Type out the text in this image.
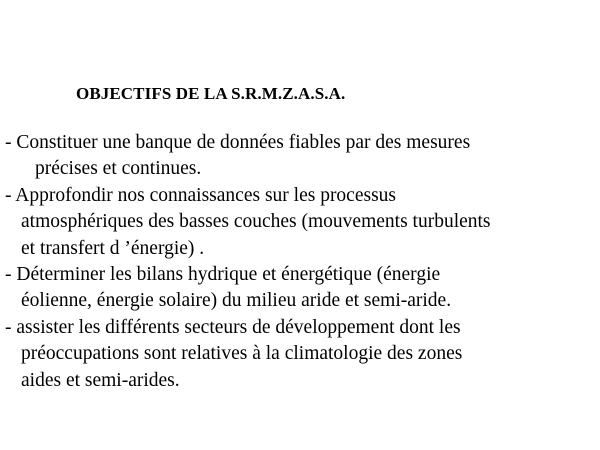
OBJECTIFS DE LA S.R.M.Z.A.S.A.
- Constituer une banque de données fiables par des mesures
précises et continues.
- Approfondir nos connaissances sur les processus
atmosphériques des basses couches (mouvements turbulents
et transfert d ’énergie) .
- Déterminer les bilans hydrique et énergétique (énergie
éolienne, énergie solaire) du milieu aride et semi-aride.
- assister les différents secteurs de développement dont les
préoccupations sont relatives à la climatologie des zones
aides et semi-arides.
